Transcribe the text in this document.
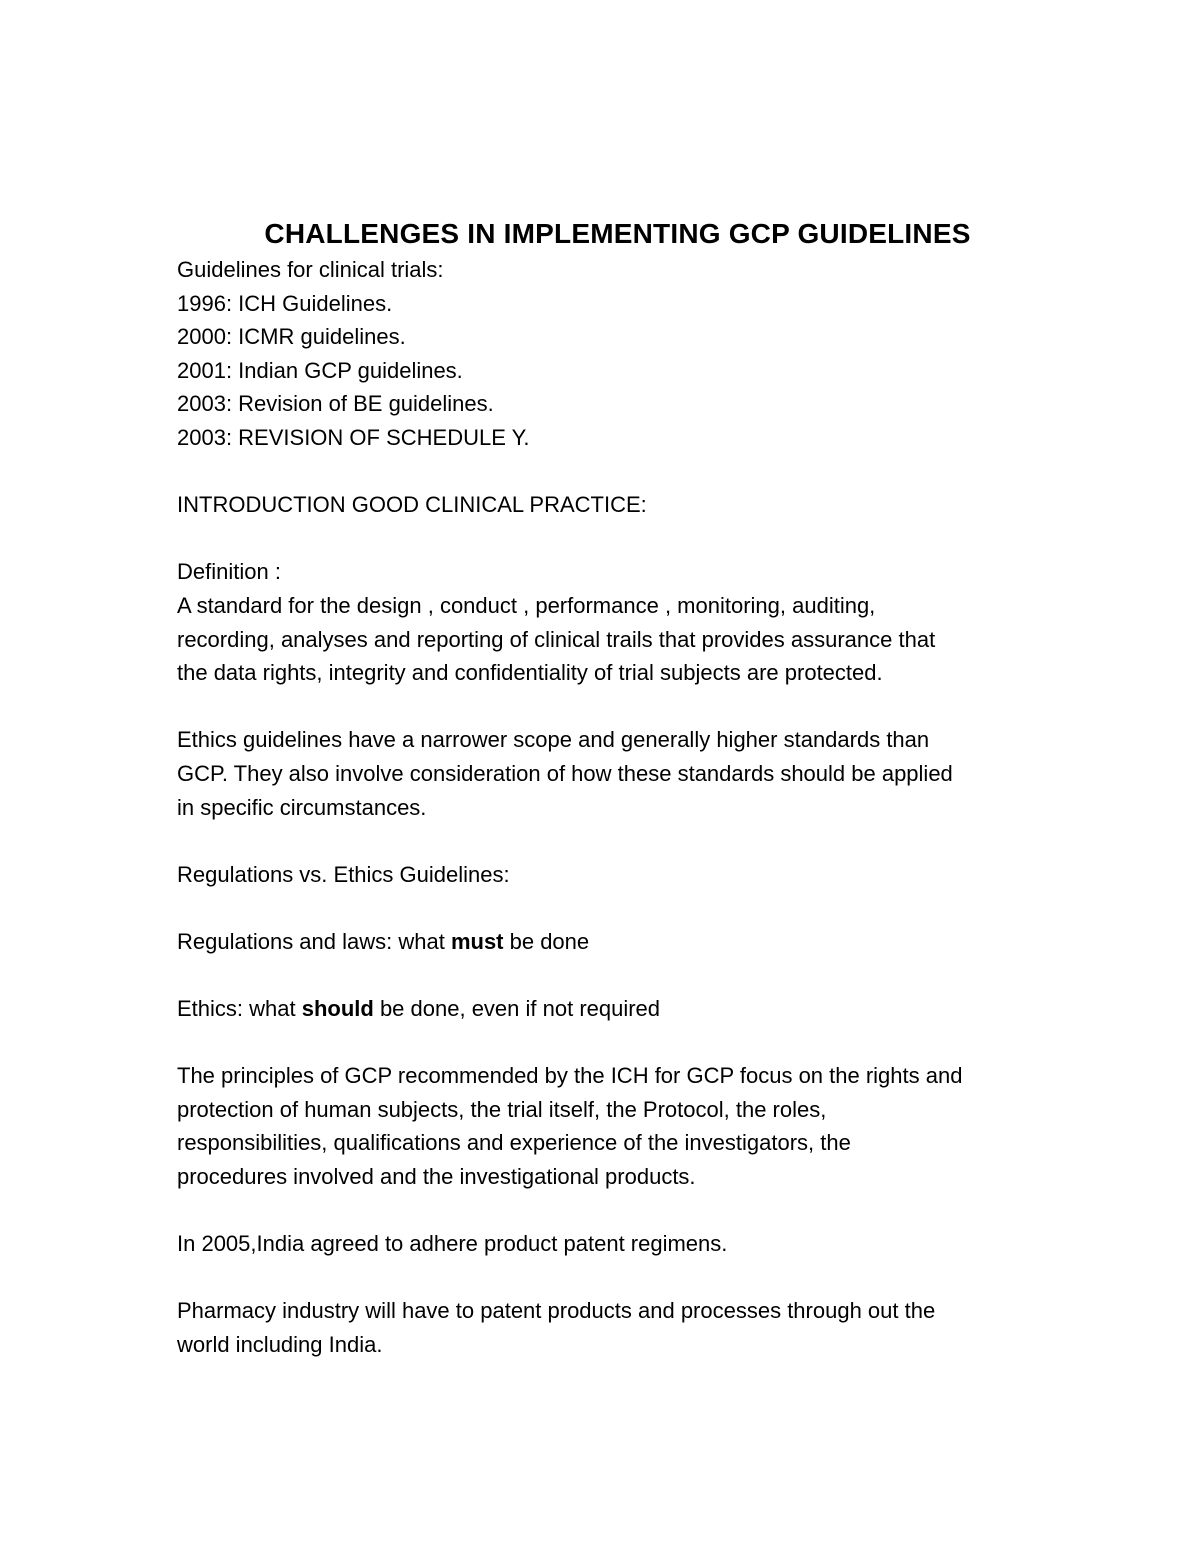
CHALLENGES IN IMPLEMENTING GCP GUIDELINES
Guidelines for clinical trials:
1996: ICH Guidelines.
2000: ICMR guidelines.
2001: Indian GCP guidelines.
2003: Revision of BE guidelines.
2003: REVISION OF SCHEDULE Y.
INTRODUCTION GOOD CLINICAL PRACTICE:
Definition :
A standard for the design , conduct , performance , monitoring, auditing,
recording, analyses and reporting of clinical trails that provides assurance that
the data rights, integrity and confidentiality of trial subjects are protected.
Ethics guidelines have a narrower scope and generally higher standards than
GCP. They also involve consideration of how these standards should be applied
in specific circumstances.
Regulations vs. Ethics Guidelines:
Regulations and laws: what must be done
Ethics: what should be done, even if not required
The principles of GCP recommended by the ICH for GCP focus on the rights and
protection of human subjects, the trial itself, the Protocol, the roles,
responsibilities, qualifications and experience of the investigators, the
procedures involved and the investigational products.
In 2005,India agreed to adhere product patent regimens.
Pharmacy industry will have to patent products and processes through out the
world including India.
